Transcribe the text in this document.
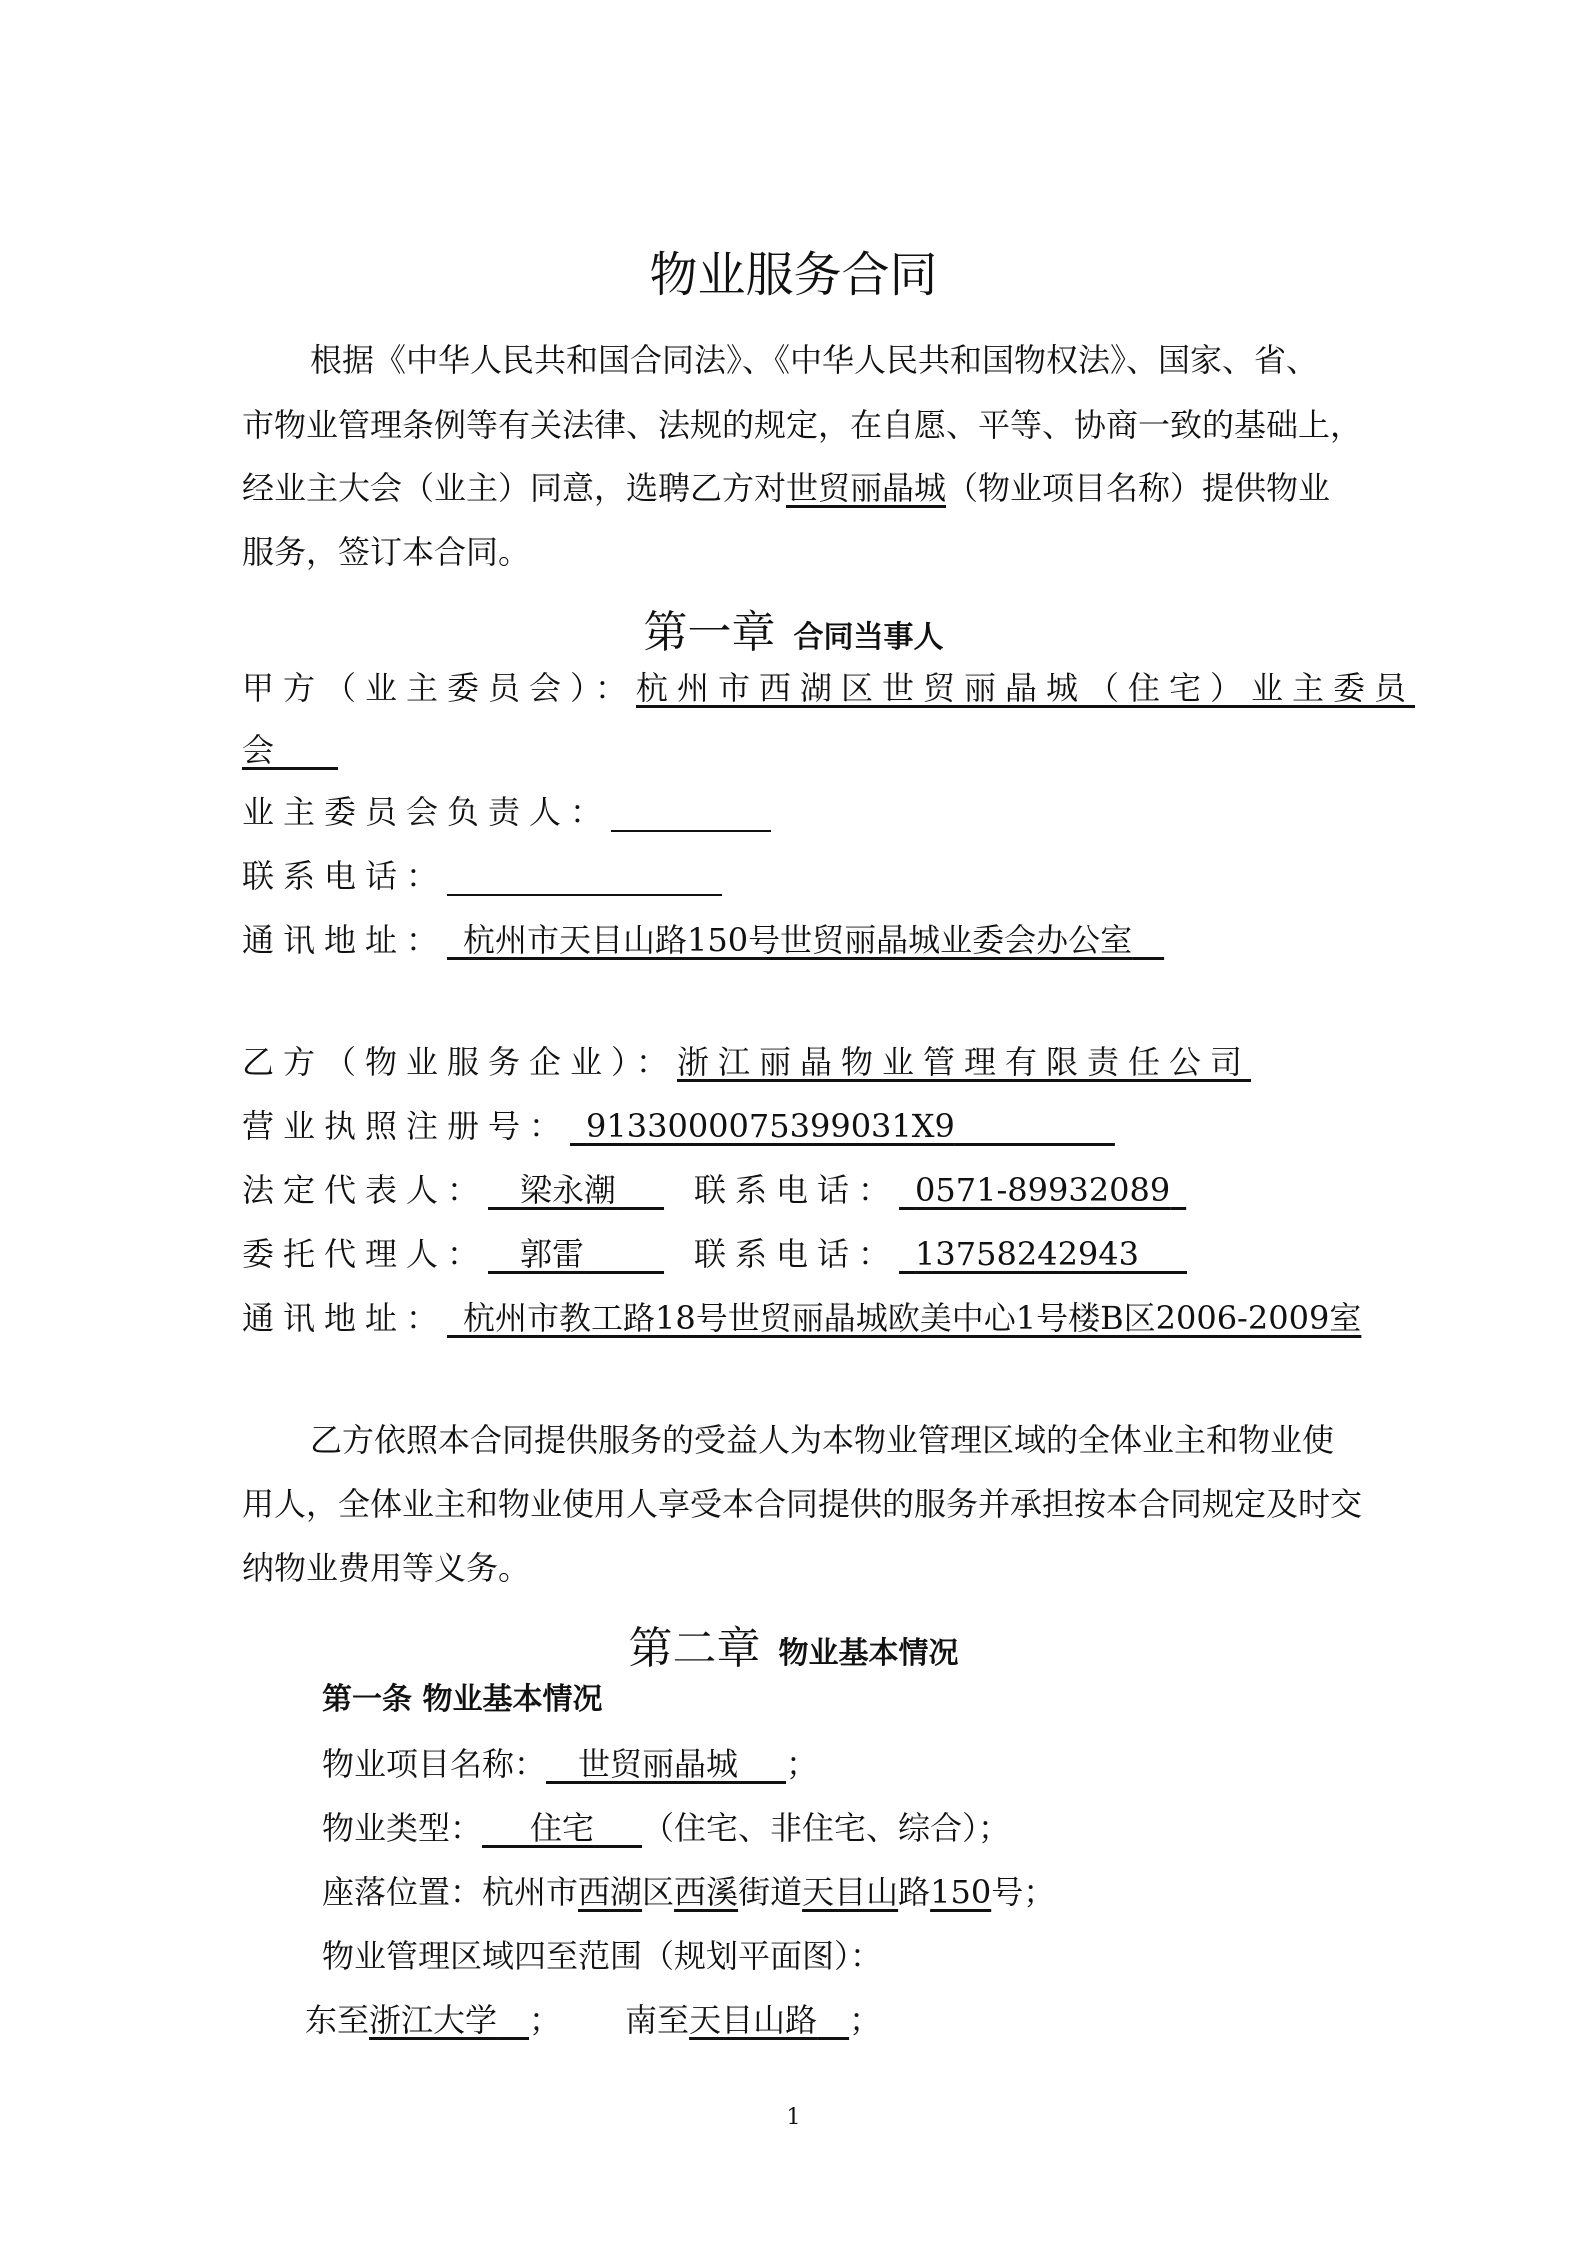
物业服务合同
根据《中华人民共和国合同法》、《中华人民共和国物权法》、国家、省、
市物业管理条例等有关法律、法规的规定，在自愿、平等、协商一致的基础上，
经业主大会（业主）同意，选聘乙方对世贸丽晶城（物业项目名称）提供物业
服务，签订本合同。
第一章 合同当事人
甲方（业主委员会）：杭州市西湖区世贸丽晶城（住宅）业主委员
会  
业主委员会负责人：
联系电话：
通讯地址：  杭州市天目山路150号世贸丽晶城业委会办公室 
乙方（物业服务企业）：浙江丽晶物业管理有限责任公司
营业执照注册号：  9133000075399031X9     
法定代表人：  梁永潮   联系电话：  0571-89932089 
委托代理人：  郭雷   	联系电话：  13758242943  
通讯地址：  杭州市教工路18号世贸丽晶城欧美中心1号楼B区2006-2009室
乙方依照本合同提供服务的受益人为本物业管理区域的全体业主和物业使
用人，全体业主和物业使用人享受本合同提供的服务并承担按本合同规定及时交
纳物业费用等义务。
第二章 物业基本情况
第一条 物业基本情况
物业项目名称：  世贸丽晶城   ；
物业类型：   住宅   （住宅、非住宅、综合）；
座落位置：杭州市西湖区西溪街道天目山路150号；
物业管理区域四至范围（规划平面图）：
东至浙江大学  ；  南至天目山路  ；
1
